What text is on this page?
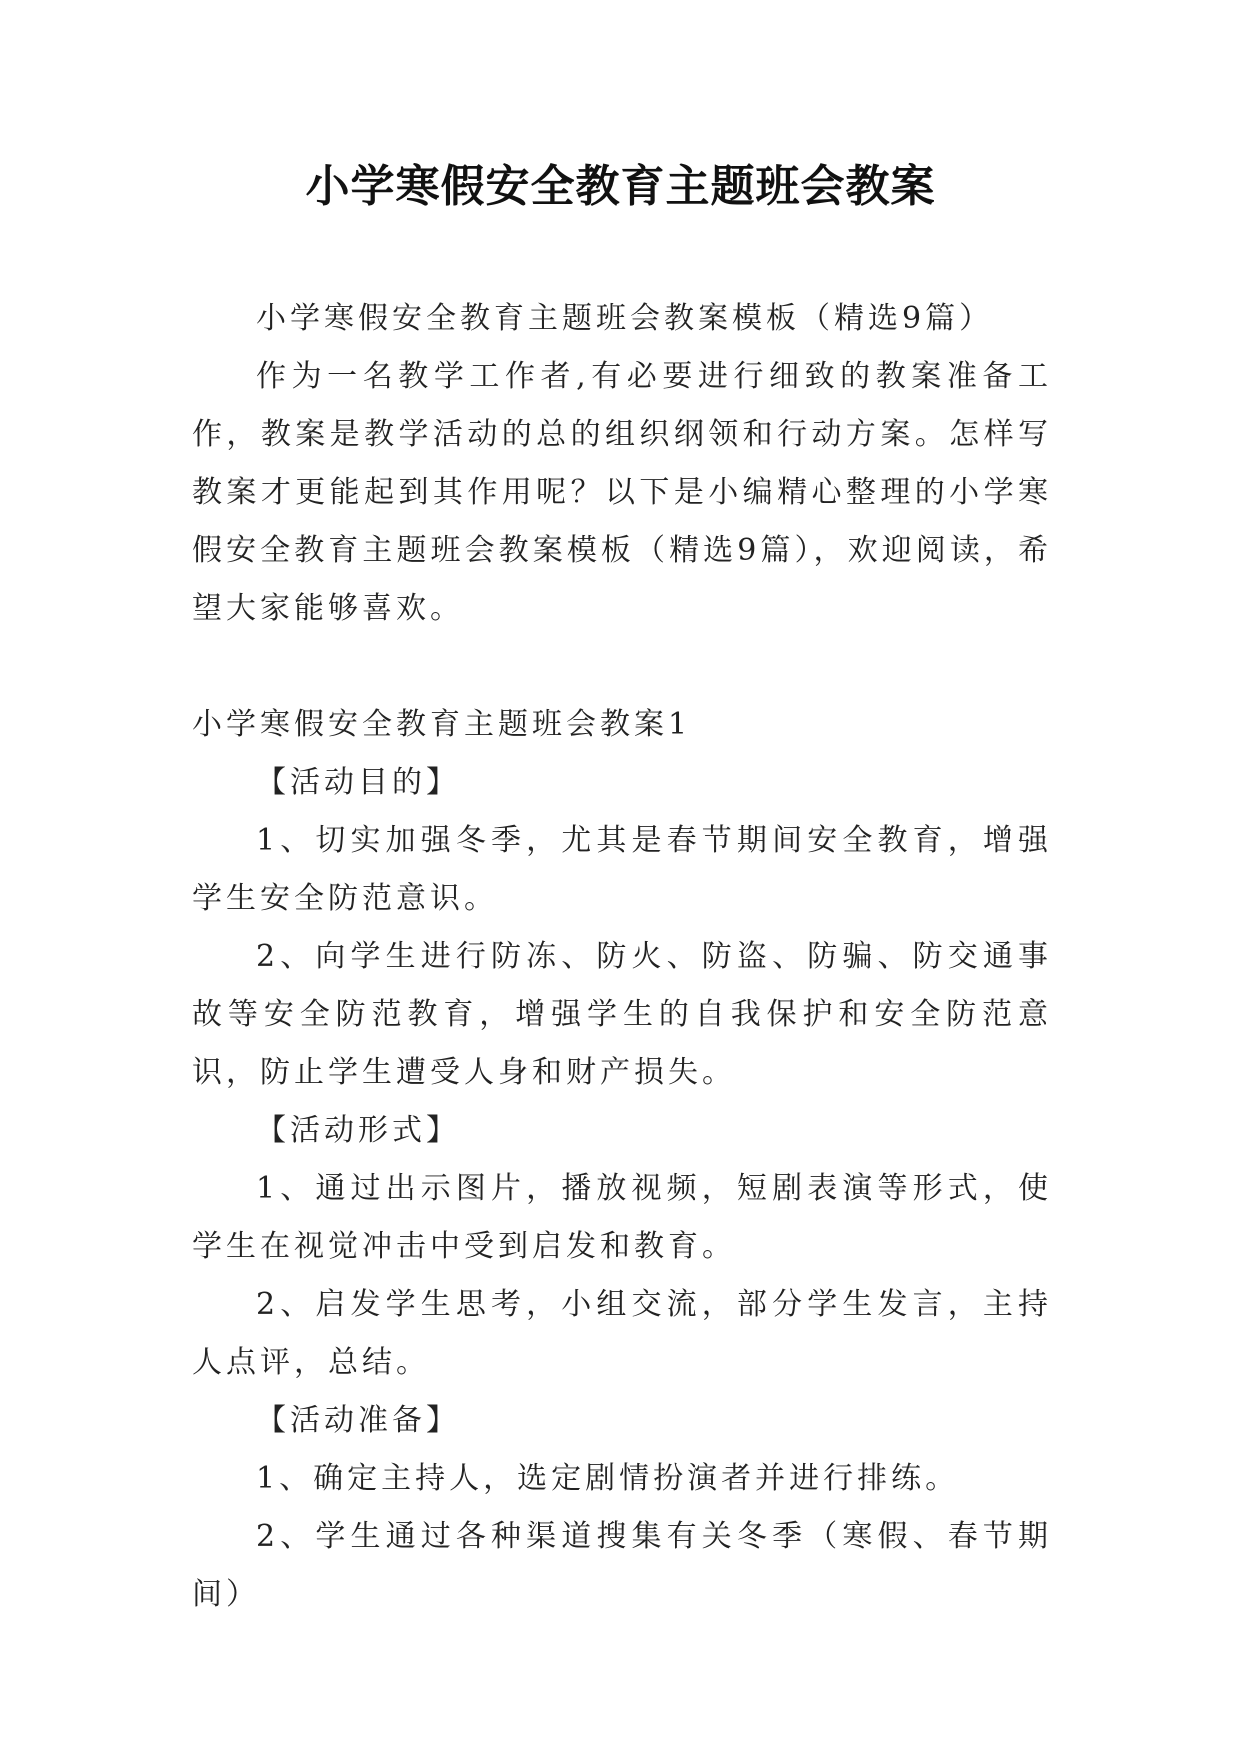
小学寒假安全教育主题班会教案

小学寒假安全教育主题班会教案模板（精选9篇）

作为一名教学工作者,有必要进行细致的教案准备工作，教案是教学活动的总的组织纲领和行动方案。怎样写教案才更能起到其作用呢？以下是小编精心整理的小学寒假安全教育主题班会教案模板（精选9篇），欢迎阅读，希望大家能够喜欢。

小学寒假安全教育主题班会教案1

【活动目的】

1、切实加强冬季，尤其是春节期间安全教育，增强学生安全防范意识。

2、向学生进行防冻、防火、防盗、防骗、防交通事故等安全防范教育，增强学生的自我保护和安全防范意识，防止学生遭受人身和财产损失。

【活动形式】

1、通过出示图片，播放视频，短剧表演等形式，使学生在视觉冲击中受到启发和教育。

2、启发学生思考，小组交流，部分学生发言，主持人点评，总结。

【活动准备】

1、确定主持人，选定剧情扮演者并进行排练。

2、学生通过各种渠道搜集有关冬季（寒假、春节期间）
